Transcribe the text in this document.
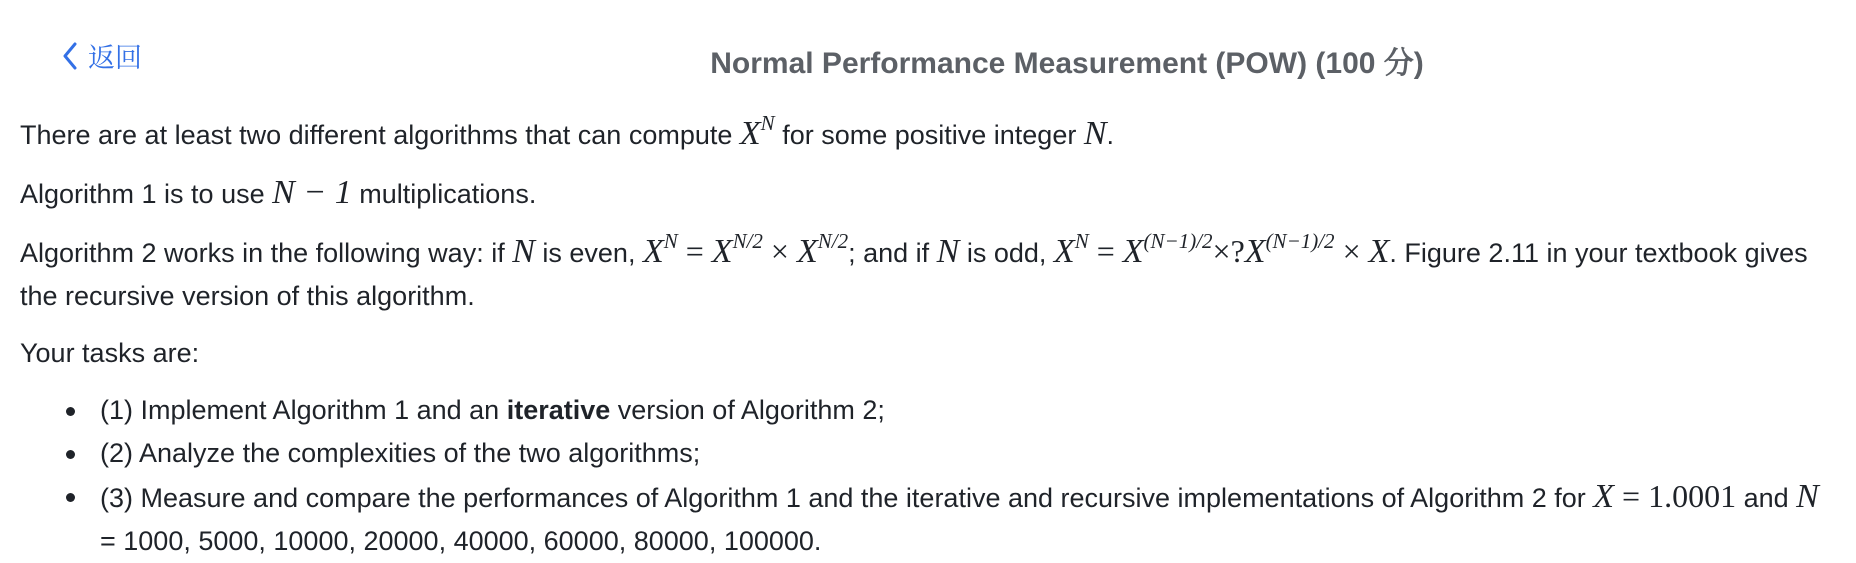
返回	Normal Performance Measurement (POW) (100 分)

There are at least two different algorithms that can compute $X^N$ for some positive integer N.

Algorithm 1 is to use N − 1 multiplications.

Algorithm 2 works in the following way: if N is even, $X^N = X^{N/2} \times X^{N/2}$; and if N is odd, $X^N$ = $X^{(N-1)/2}\times?X^{(N-1)/2} \times X$. Figure 2.11 in your textbook gives the recursive version of this algorithm.

Your tasks are:

(1) Implement Algorithm 1 and an iterative version of Algorithm 2;
(2) Analyze the complexities of the two algorithms;
(3) Measure and compare the performances of Algorithm 1 and the iterative and recursive implementations of Algorithm 2 for X = 1.0001 and N = 1000, 5000, 10000, 20000, 40000, 60000, 80000, 100000.
